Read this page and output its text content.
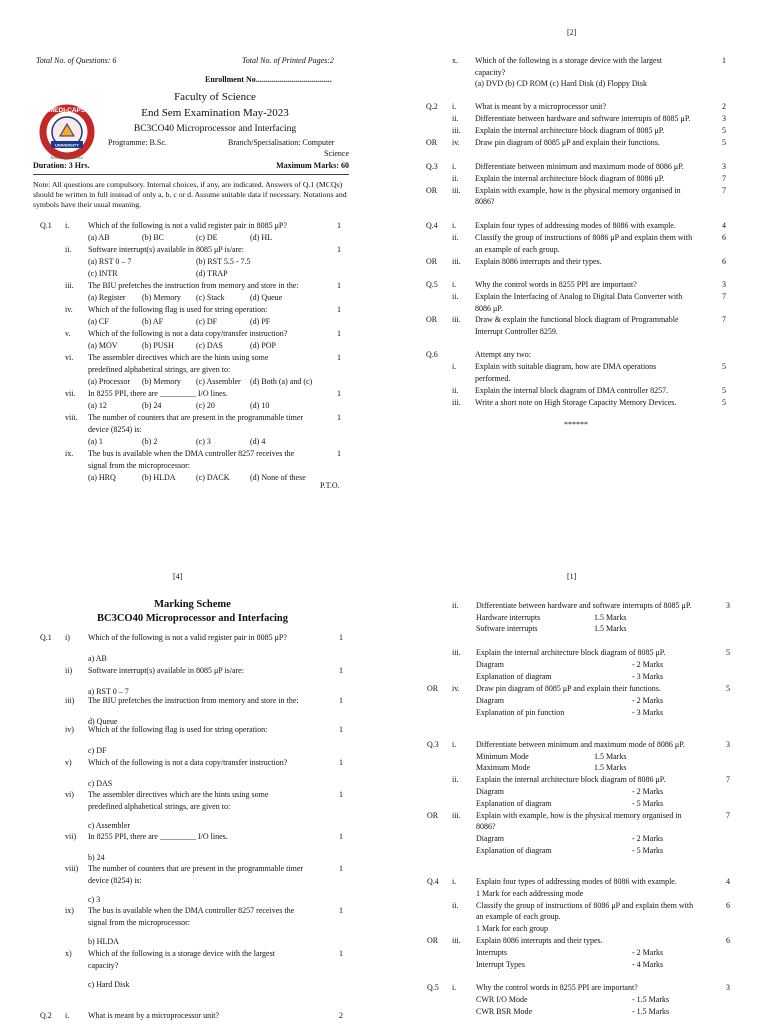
Total No. of Questions: 6	Total No. of Printed Pages:2
Enrollment No......................................
UNIVERSITY
MEDI-CAPS
Knowledge is Power
Faculty of Science
End Sem Examination May-2023
BC3CO40 Microprocessor and Interfacing
Programme: B.Sc.	Branch/Specialisation: Computer
Science
Duration: 3 Hrs.	Maximum Marks: 60
Note: All questions are compulsory. Internal choices, if any, are indicated. Answers of Q.1 (MCQs) should be written in full instead of only a, b, c or d. Assume suitable data if necessary. Notations and symbols have their usual meaning.
Q.1 i. Which of the following is not a valid register pair in 8085 μP?	1
(a) AB	(b) BC	(c) DE	(d) HL
ii. Software interrupt(s) available in 8085 μP is/are:	1
(a) RST 0 – 7	(b) RST 5.5 - 7.5
(c) INTR	(d) TRAP
iii. The BIU prefetches the instruction from memory and store in the:	1
(a) Register (b) Memory (c) Stack	(d) Queue
iv. Which of the following flag is used for string operation:	1
(a) CF	(b) AF	(c) DF	(d) PF
v. Which of the following is not a data copy/transfer instruction?	1
(a) MOV	(b) PUSH	(c) DAS	(d) POP
vi. The assembler directives which are the hints using some	1
predefined alphabetical strings, are given to:
(a) Processor (b) Memory (c) Assembler (d) Both (a) and (c)
vii. In 8255 PPI, there are _________ I/O lines.	1
(a) 12	(b) 24	(c) 20	(d) 10
viii. The number of counters that are present in the programmable timer	1
device (8254) is:
(a) 1	(b) 2	(c) 3	(d) 4
ix. The bus is available when the DMA controller 8257 receives the	1
signal from the microprocessor:
(a) HRQ	(b) HLDA	(c) DACK	(d) None of these
P.T.O.
[2]
x. Which of the following is a storage device with the largest	1
capacity?
(a) DVD (b) CD ROM (c) Hard Disk (d) Floppy Disk
Q.2 i. What is meant by a microprocessor unit?	2
ii. Differentiate between hardware and software interrupts of 8085 μP.	3
iii. Explain the internal architecture block diagram of 8085 μP.	5
OR iv. Draw pin diagram of 8085 μP and explain their functions.	5
Q.3 i. Differentiate between minimum and maximum mode of 8086 μP.	3
ii. Explain the internal architecture block diagram of 8086 μP.	7
OR iii. Explain with example, how is the physical memory organised in	7
8086?
Q.4 i. Explain four types of addressing modes of 8086 with example.	4
ii. Classify the group of instructions of 8086 μP and explain them with	6
an example of each group.
OR iii. Explain 8086 interrupts and their types.	6
Q.5 i. Why the control words in 8255 PPI are important?	3
ii. Explain the Interfacing of Analog to Digital Data Converter with	7
8086 μP.
OR iii. Draw & explain the functional block diagram of Programmable	7
Interrupt Controller 8259.
Q.6	Attempt any two:
i. Explain with suitable diagram, how are DMA operations	5
performed.
ii. Explain the internal block diagram of DMA controller 8257.	5
iii. Write a short note on High Storage Capacity Memory Devices.	5
******
[4]
Marking Scheme
BC3CO40 Microprocessor and Interfacing
Q.1 i) Which of the following is not a valid register pair in 8085 μP?	1
a) AB
ii) Software interrupt(s) available in 8085 μP is/are:	1
a) RST 0 – 7
iii) The BIU prefetches the instruction from memory and store in the:	1
d) Queue
iv) Which of the following flag is used for string operation:	1
c) DF
v) Which of the following is not a data copy/transfer instruction?	1
c) DAS
vi) The assembler directives which are the hints using some	1
predefined alphabetical strings, are given to:
c) Assembler
vii) In 8255 PPI, there are _________ I/O lines.	1
b) 24
viii) The number of counters that are present in the programmable timer	1
device (8254) is:
c) 3
ix) The bus is available when the DMA controller 8257 receives the	1
signal from the microprocessor:
b) HLDA
x) Which of the following is a storage device with the largest	1
capacity?
c) Hard Disk
Q.2 i. What is meant by a microprocessor unit?	2
[1]
ii. Differentiate between hardware and software interrupts of 8085 μP.	3
Hardware interrupts	1.5 Marks
Software interrupts	1.5 Marks
iii. Explain the internal architecture block diagram of 8085 μP.	5
Diagram	- 2 Marks
Explanation of diagram	- 3 Marks
OR iv. Draw pin diagram of 8085 μP and explain their functions.	5
Diagram	- 2 Marks
Explanation of pin function	- 3 Marks
Q.3 i. Differentiate between minimum and maximum mode of 8086 μP.	3
Minimum Mode	1.5 Marks
Maximum Mode	1.5 Marks
ii. Explain the internal architecture block diagram of 8086 μP.	7
Diagram	- 2 Marks
Explanation of diagram	- 5 Marks
OR iii. Explain with example, how is the physical memory organised in	7
8086?
Diagram	- 2 Marks
Explanation of diagram	- 5 Marks
Q.4 i. Explain four types of addressing modes of 8086 with example.	4
1 Mark for each addressing mode
ii. Classify the group of instructions of 8086 μP and explain them with	6
an example of each group.
1 Mark for each group
OR iii. Explain 8086 interrupts and their types.	6
Interrupts	- 2 Marks
Interrupt Types	- 4 Marks
Q.5 i. Why the control words in 8255 PPI are important?	3
CWR I/O Mode	- 1.5 Marks
CWR BSR Mode	- 1.5 Marks
